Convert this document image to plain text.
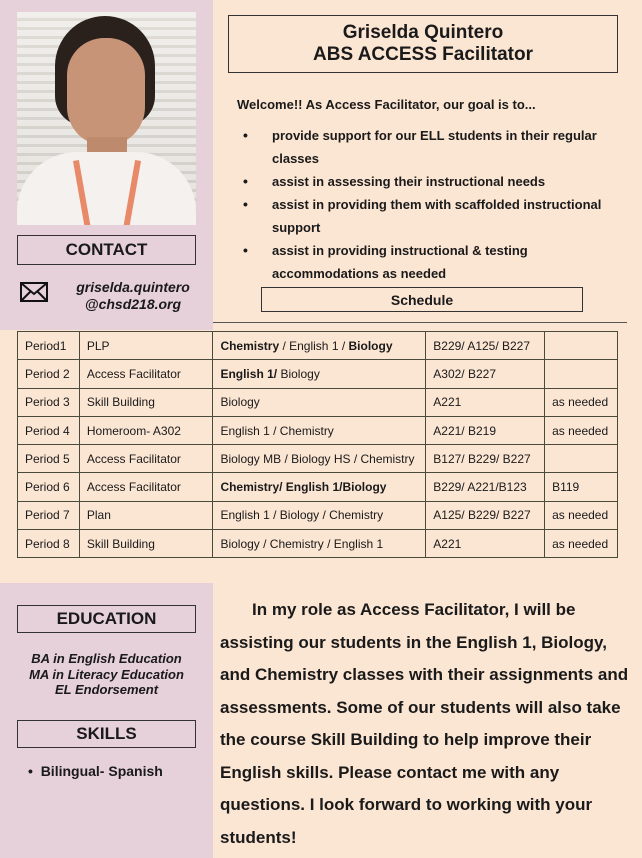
CONTACT
griselda.quintero
@chsd218.org
Griselda Quintero
ABS ACCESS Facilitator
Welcome!! As Access Facilitator, our goal is to...
• provide support for our ELL students in their regular classes
• assist in assessing their instructional needs
• assist in providing them with scaffolded instructional support
• assist in providing instructional & testing accommodations as needed
Schedule
Period1	PLP	Chemistry / English 1 / Biology	B229/ A125/ B227	
Period 2	Access Facilitator	English 1/ Biology	A302/ B227	
Period 3	Skill Building	Biology	A221	as needed
Period 4	Homeroom- A302	English 1 / Chemistry	A221/ B219	as needed
Period 5	Access Facilitator	Biology MB / Biology HS / Chemistry	B127/ B229/ B227	
Period 6	Access Facilitator	Chemistry/ English 1/Biology	B229/ A221/B123	B119
Period 7	Plan	English 1 / Biology / Chemistry	A125/ B229/ B227	as needed
Period 8	Skill Building	Biology / Chemistry / English 1	A221	as needed
EDUCATION
BA in English Education
MA in Literacy Education
EL Endorsement
SKILLS
•  Bilingual- Spanish

In my role as Access Facilitator, I will be assisting our students in the English 1, Biology, and Chemistry classes with their assignments and assessments. Some of our students will also take the course Skill Building to help improve their English skills. Please contact me with any questions. I look forward to working with your students!
